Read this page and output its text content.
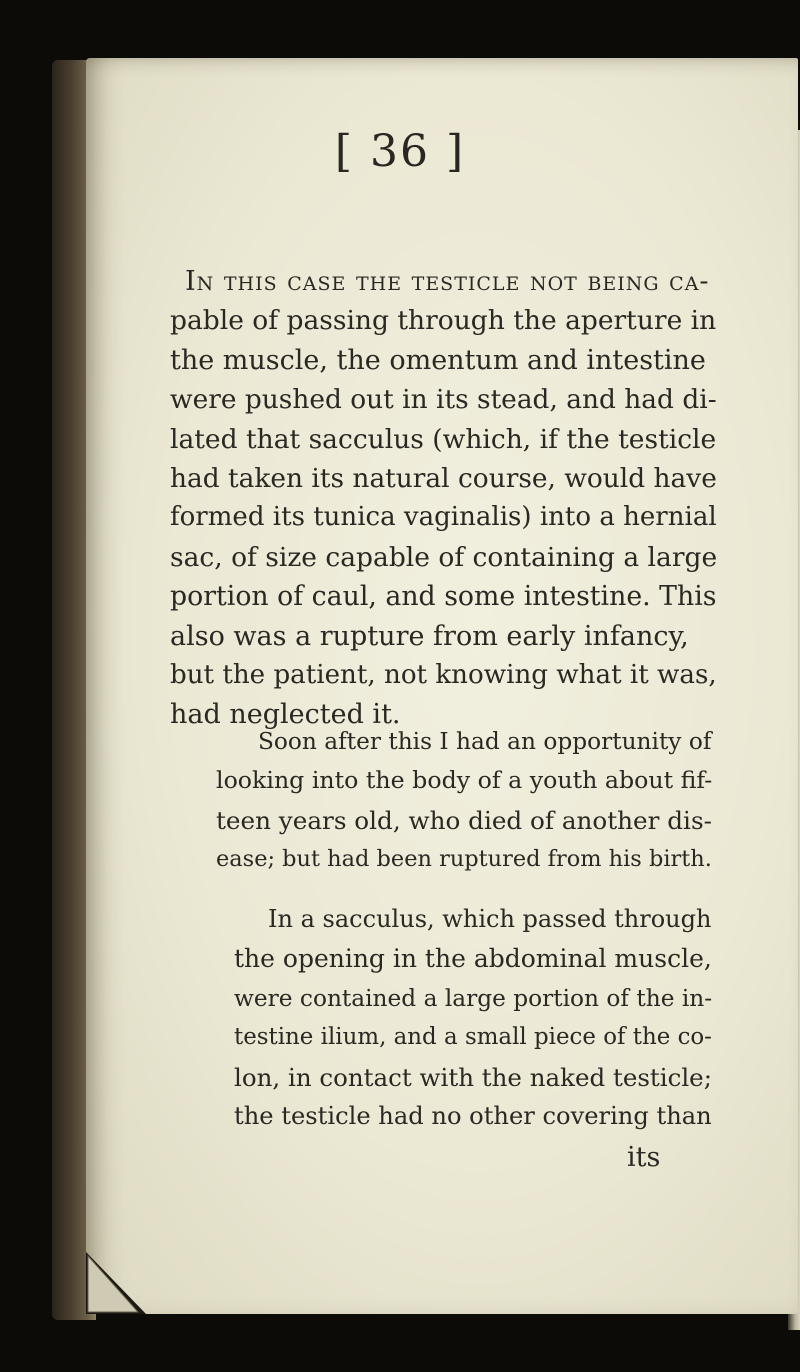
[ 36 ]
In this case the testicle not being ca-
pable of passing through the aperture in
the muscle, the omentum and intestine
were pushed out in its stead, and had di-
lated that sacculus (which, if the testicle
had taken its natural course, would have
formed its tunica vaginalis) into a hernial
sac, of size capable of containing a large
portion of caul, and some intestine. This
also was a rupture from early infancy,
but the patient, not knowing what it was,
had neglected it.
Soon after this I had an opportunity of
looking into the body of a youth about fif-
teen years old, who died of another dis-
ease; but had been ruptured from his birth.
In a sacculus, which passed through
the opening in the abdominal muscle,
were contained a large portion of the in-
testine ilium, and a small piece of the co-
lon, in contact with the naked testicle;
the testicle had no other covering than
its
